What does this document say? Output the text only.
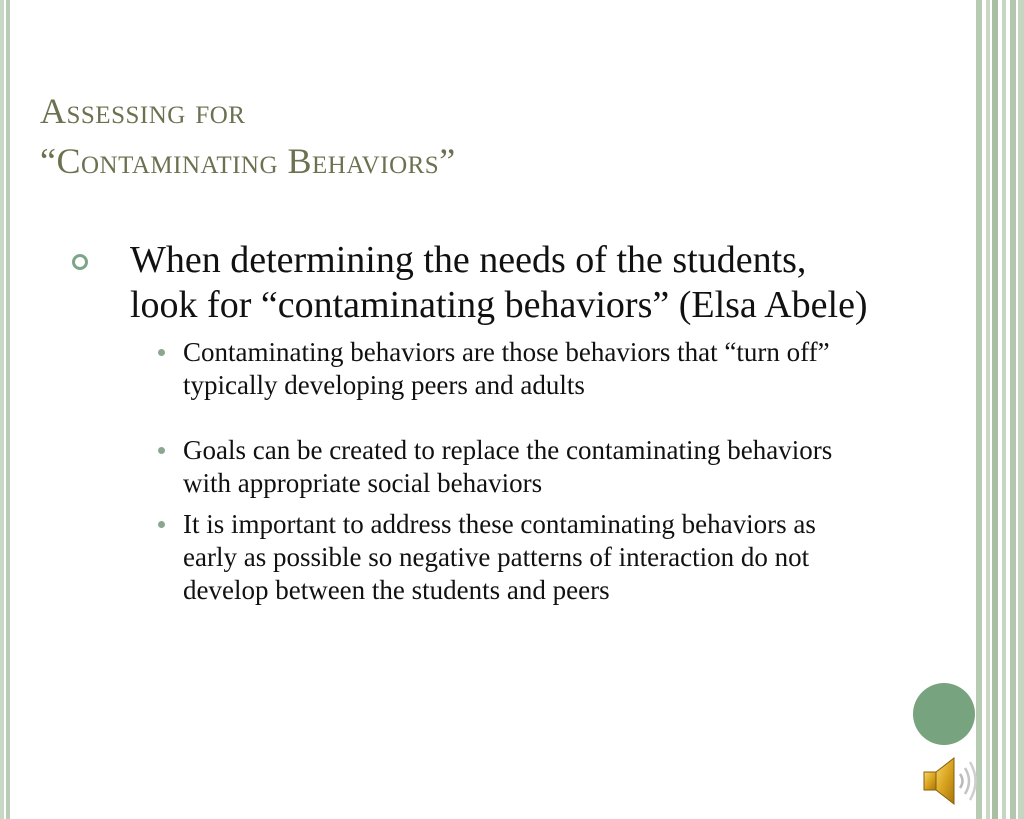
Assessing for
“Contaminating Behaviors”
When determining the needs of the students, look for “contaminating behaviors” (Elsa Abele)
Contaminating behaviors are those behaviors that “turn off” typically developing peers and adults
Goals can be created to replace the contaminating behaviors with appropriate social behaviors
It is important to address these contaminating behaviors as early as possible so negative patterns of interaction do not develop between the students and peers
